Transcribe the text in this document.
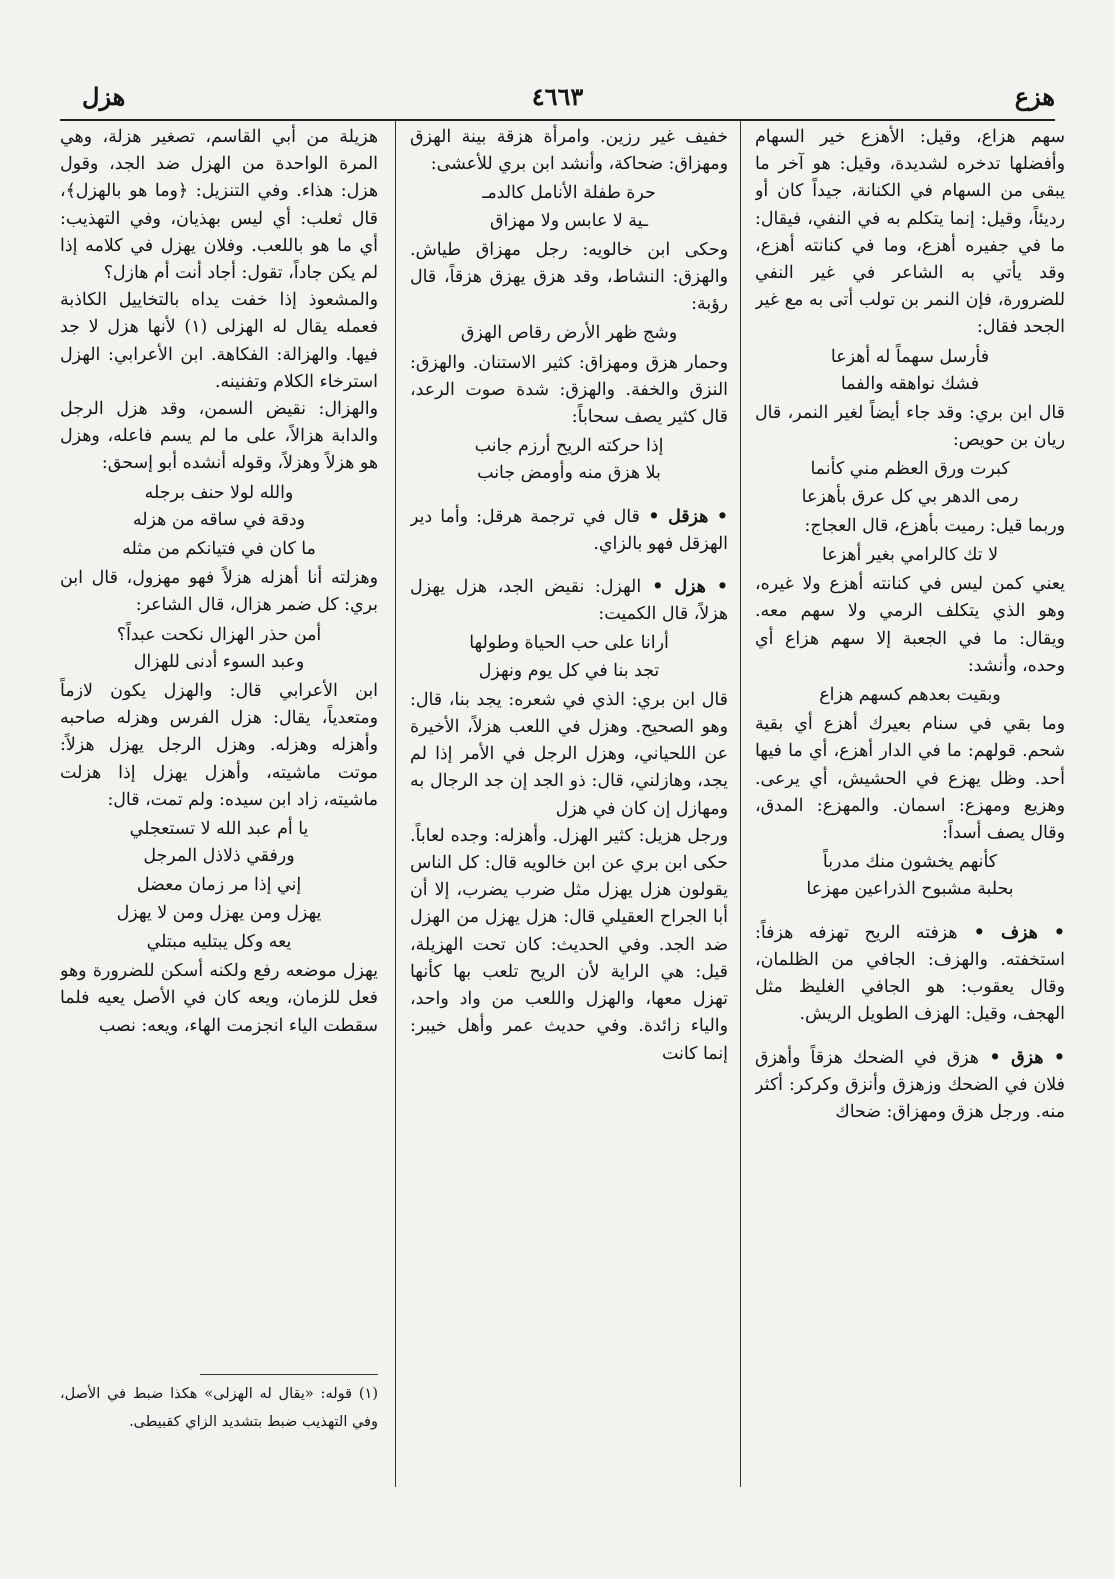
هزع
٤٦٦٣
هزل

سهم هزاع، وقيل: الأهزع خير السهام وأفضلها تدخره لشديدة، وقيل: هو آخر ما يبقى من السهام في الكنانة، جيداً كان أو رديئاً، وقيل: إنما يتكلم به في النفي، فيقال: ما في جفيره أهزع، وما في كنانته أهزع، وقد يأتي به الشاعر في غير النفي للضرورة، فإن النمر بن تولب أتى به مع غير الجحد فقال:

فأرسل سهماً له أهزعا
فشك نواهقه والفما

قال ابن بري: وقد جاء أيضاً لغير النمر، قال ريان بن حويص:

كبرت ورق العظم مني كأنما
رمى الدهر بي كل عرق بأهزعا

وربما قيل: رميت بأهزع، قال العجاج:

لا تك كالرامي بغير أهزعا

يعني كمن ليس في كنانته أهزع ولا غيره، وهو الذي يتكلف الرمي ولا سهم معه. ويقال: ما في الجعبة إلا سهم هزاع أي وحده، وأنشد:

وبقيت بعدهم كسهم هزاع

وما بقي في سنام بعيرك أهزع أي بقية شحم. قولهم: ما في الدار أهزع، أي ما فيها أحد. وظل يهزع في الحشيش، أي يرعى. وهزيع ومهزع: اسمان. والمهزع: المدق، وقال يصف أسداً:

كأنهم يخشون منك مدرباً
بحلبة مشبوح الذراعين مهزعا

• هزف • هزفته الريح تهزفه هزفاً: استخفته. والهزف: الجافي من الظلمان، وقال يعقوب: هو الجافي الغليظ مثل الهجف، وقيل: الهزف الطويل الريش.

• هزق • هزق في الضحك هزقاً وأهزق فلان في الضحك وزهزق وأنزق وكركر: أكثر منه. ورجل هزق ومهزاق: ضحاك

خفيف غير رزين. وامرأة هزقة بينة الهزق ومهزاق: ضحاكة، وأنشد ابن بري للأعشى:

حرة طفلة الأنامل كالدمـ
ـية لا عابس ولا مهزاق

وحكى ابن خالويه: رجل مهزاق طياش. والهزق: النشاط، وقد هزق يهزق هزقاً، قال رؤبة:

وشج ظهر الأرض رقاص الهزق

وحمار هزق ومهزاق: كثير الاستنان. والهزق: النزق والخفة. والهزق: شدة صوت الرعد، قال كثير يصف سحاباً:

إذا حركته الريح أرزم جانب
بلا هزق منه وأومض جانب

• هزقل • قال في ترجمة هرقل: وأما دير الهزقل فهو بالزاي.

• هزل • الهزل: نقيض الجد، هزل يهزل هزلاً، قال الكميت:

أرانا على حب الحياة وطولها
تجد بنا في كل يوم ونهزل

قال ابن بري: الذي في شعره: يجد بنا، قال: وهو الصحيح. وهزل في اللعب هزلاً، الأخيرة عن اللحياني، وهزل الرجل في الأمر إذا لم يجد، وهازلني، قال: ذو الجد إن جد الرجال به ومهازل إن كان في هزل

ورجل هزيل: كثير الهزل. وأهزله: وجده لعاباً. حكى ابن بري عن ابن خالويه قال: كل الناس يقولون هزل يهزل مثل ضرب يضرب، إلا أن أبا الجراح العقيلي قال: هزل يهزل من الهزل ضد الجد. وفي الحديث: كان تحت الهزيلة، قيل: هي الراية لأن الريح تلعب بها كأنها تهزل معها، والهزل واللعب من واد واحد، والياء زائدة. وفي حديث عمر وأهل خيبر: إنما كانت

هزيلة من أبي القاسم، تصغير هزلة، وهي المرة الواحدة من الهزل ضد الجد، وقول هزل: هذاء. وفي التنزيل: ﴿وما هو بالهزل﴾، قال ثعلب: أي ليس بهذيان، وفي التهذيب: أي ما هو باللعب. وفلان يهزل في كلامه إذا لم يكن جاداً، تقول: أجاد أنت أم هازل؟

والمشعوذ إذا خفت يداه بالتخاييل الكاذبة فعمله يقال له الهزلى (١) لأنها هزل لا جد فيها. والهزالة: الفكاهة. ابن الأعرابي: الهزل استرخاء الكلام وتفنينه.

والهزال: نقيض السمن، وقد هزل الرجل والدابة هزالاً، على ما لم يسم فاعله، وهزل هو هزلاً وهزلاً، وقوله أنشده أبو إسحق:

والله لولا حنف برجله
ودقة في ساقه من هزله
ما كان في فتيانكم من مثله

وهزلته أنا أهزله هزلاً فهو مهزول، قال ابن بري: كل ضمر هزال، قال الشاعر:

أمن حذر الهزال نكحت عبداً؟
وعبد السوء أدنى للهزال

ابن الأعرابي قال: والهزل يكون لازماً ومتعدياً، يقال: هزل الفرس وهزله صاحبه وأهزله وهزله. وهزل الرجل يهزل هزلاً: موتت ماشيته، وأهزل يهزل إذا هزلت ماشيته، زاد ابن سيده: ولم تمت، قال:

يا أم عبد الله لا تستعجلي
ورفقي ذلاذل المرجل
إني إذا مر زمان معضل
يهزل ومن يهزل ومن لا يهزل
يعه وكل يبتليه مبتلي

يهزل موضعه رفع ولكنه أسكن للضرورة وهو فعل للزمان، ويعه كان في الأصل يعيه فلما سقطت الياء انجزمت الهاء، ويعه: نصب

(١) قوله: «يقال له الهزلى» هكذا ضبط في الأصل، وفي التهذيب ضبط بتشديد الزاي كقبيطى.
